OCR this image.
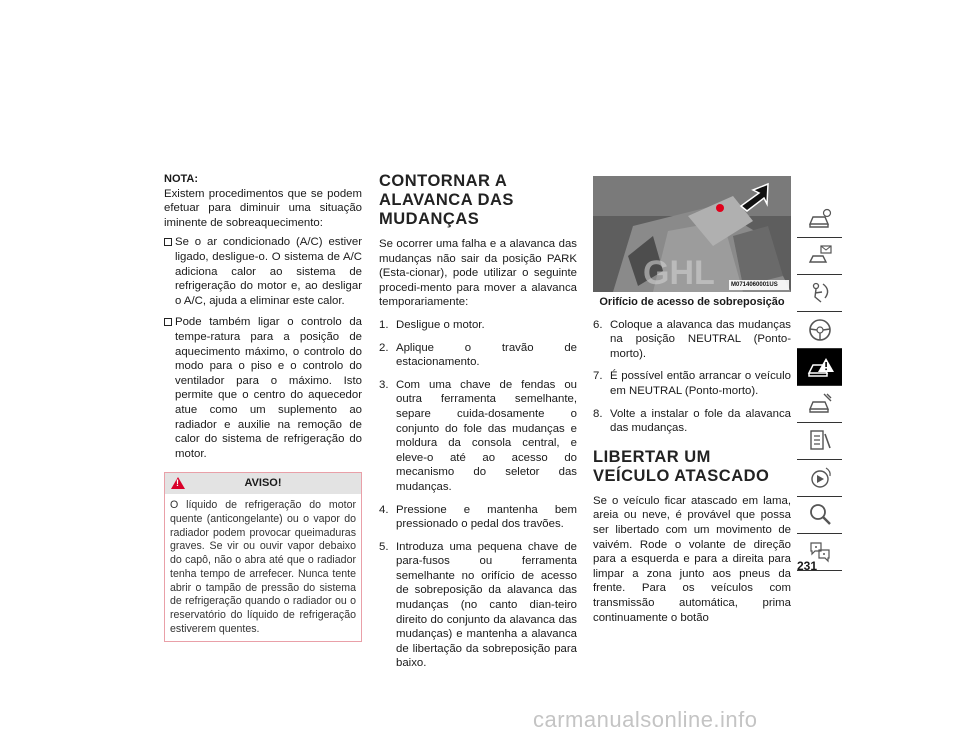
NOTA:

Existem procedimentos que se podem efetuar para diminuir uma situação iminente de sobreaquecimento:

Se o ar condicionado (A/C) estiver ligado, desligue-o. O sistema de A/C adiciona calor ao sistema de refrigeração do motor e, ao desligar o A/C, ajuda a eliminar este calor.
Pode também ligar o controlo da tempe-ratura para a posição de aquecimento máximo, o controlo do modo para o piso e o controlo do ventilador para o máximo. Isto permite que o centro do aquecedor atue como um suplemento ao radiador e auxilie na remoção de calor do sistema de refrigeração do motor.
!	AVISO!
O líquido de refrigeração do motor quente (anticongelante) ou o vapor do radiador podem provocar queimaduras graves. Se vir ou ouvir vapor debaixo do capô, não o abra até que o radiador tenha tempo de arrefecer. Nunca tente abrir o tampão de pressão do sistema de refrigeração quando o radiador ou o reservatório do líquido de refrigeração estiverem quentes.
CONTORNAR A ALAVANCA DAS MUDANÇAS

Se ocorrer uma falha e a alavanca das mudanças não sair da posição PARK (Esta-cionar), pode utilizar o seguinte procedi-mento para mover a alavanca temporariamente:

1. Desligue o motor.
2. Aplique o travão de estacionamento.
3. Com uma chave de fendas ou outra ferramenta semelhante, separe cuida-dosamente o conjunto do fole das mudanças e moldura da consola central, e eleve-o até ao acesso do mecanismo do seletor das mudanças.
4. Pressione e mantenha bem pressionado o pedal dos travões.
5. Introduza uma pequena chave de para-fusos ou ferramenta semelhante no orifício de acesso de sobreposição da alavanca das mudanças (no canto dian-teiro direito do conjunto da alavanca das mudanças) e mantenha a alavanca de libertação da sobreposição para baixo.
GHL	M0714060001US
Orifício de acesso de sobreposição
6. Coloque a alavanca das mudanças na posição NEUTRAL (Ponto-morto).
7. É possível então arrancar o veículo em NEUTRAL (Ponto-morto).
8. Volte a instalar o fole da alavanca das mudanças.
LIBERTAR UM VEÍCULO ATASCADO

Se o veículo ficar atascado em lama, areia ou neve, é provável que possa ser libertado com um movimento de vaivém. Rode o volante de direção para a esquerda e para a direita para limpar a zona junto aos pneus da frente. Para os veículos com transmissão automática, prima continuamente o botão

231
carmanualsonline.info
